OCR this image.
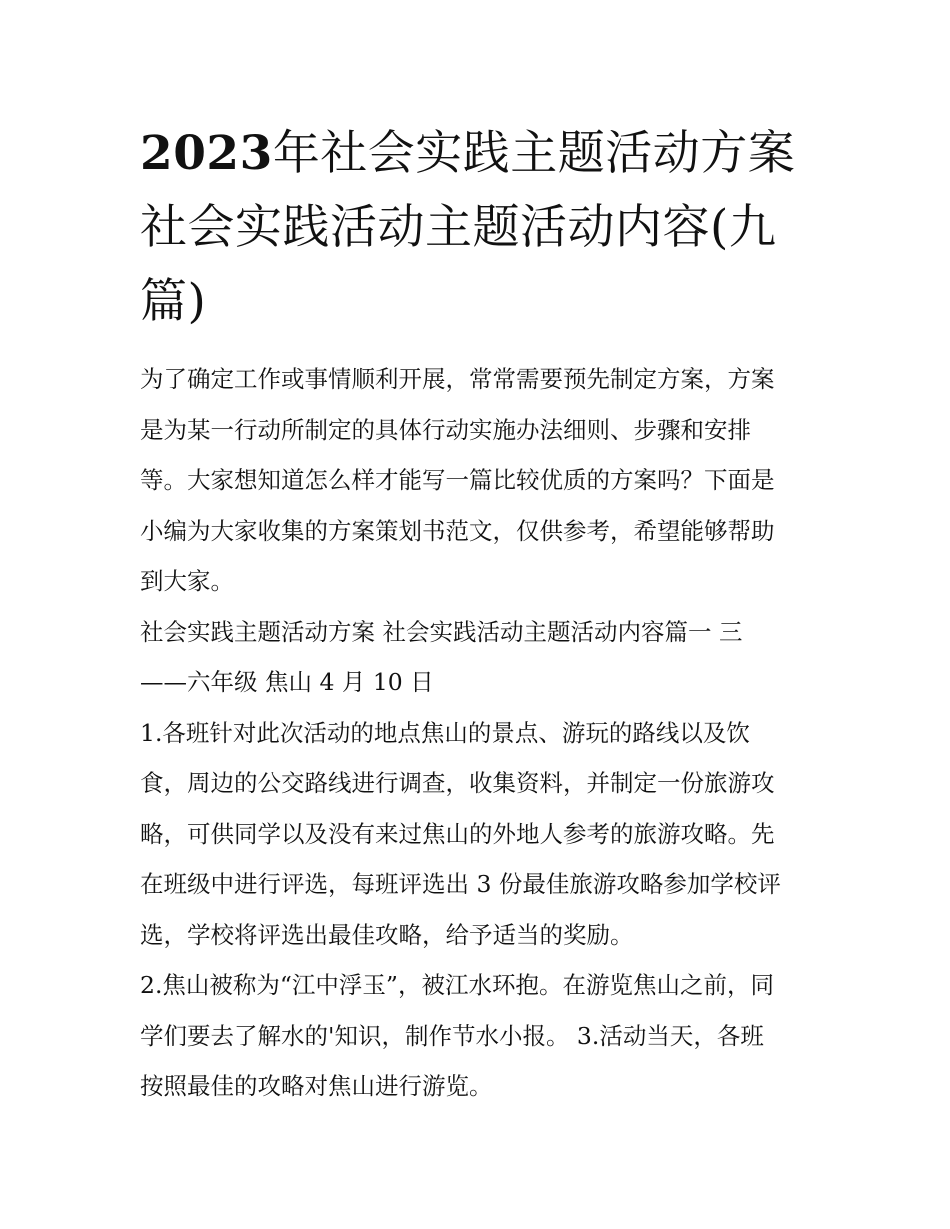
2023年社会实践主题活动方案
社会实践活动主题活动内容(九
篇)
为了确定工作或事情顺利开展，常常需要预先制定方案，方案
是为某一行动所制定的具体行动实施办法细则、步骤和安排
等。大家想知道怎么样才能写一篇比较优质的方案吗？下面是
小编为大家收集的方案策划书范文，仅供参考，希望能够帮助
到大家。
社会实践主题活动方案 社会实践活动主题活动内容篇一 三
——六年级 焦山 4 月 10 日
1.各班针对此次活动的地点焦山的景点、游玩的路线以及饮
食，周边的公交路线进行调查，收集资料，并制定一份旅游攻
略，可供同学以及没有来过焦山的外地人参考的旅游攻略。先
在班级中进行评选，每班评选出 3 份最佳旅游攻略参加学校评
选，学校将评选出最佳攻略，给予适当的奖励。
2.焦山被称为“江中浮玉”，被江水环抱。在游览焦山之前，同
学们要去了解水的'知识，制作节水小报。 3.活动当天，各班
按照最佳的攻略对焦山进行游览。
